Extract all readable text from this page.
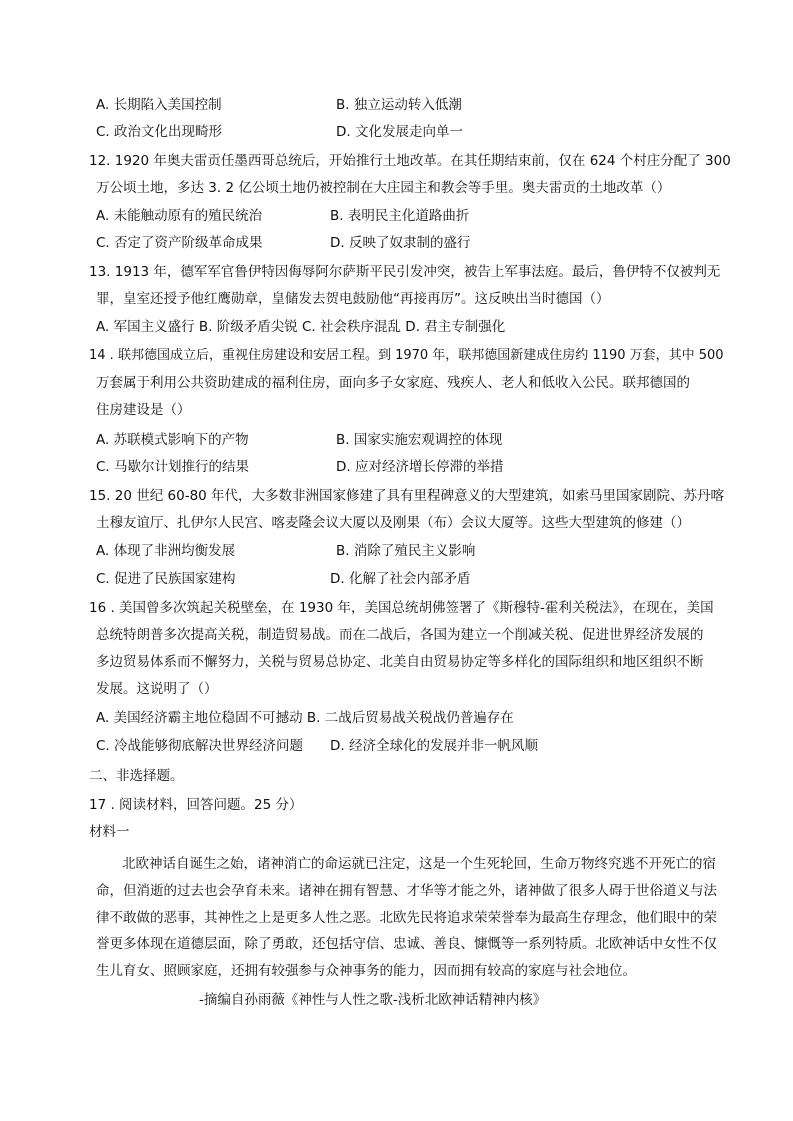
A. 长期陷入美国控制	B. 独立运动转入低潮
C. 政治文化出现畸形	D. 文化发展走向单一
12. 1920 年奥夫雷贡任墨西哥总统后，开始推行土地改革。在其任期结束前，仅在 624 个村庄分配了 300
万公顷土地，多达 3. 2 亿公顷土地仍被控制在大庄园主和教会等手里。奥夫雷贡的土地改革（）
A. 未能触动原有的殖民统治	B. 表明民主化道路曲折
C. 否定了资产阶级革命成果	D. 反映了奴隶制的盛行
13. 1913 年，德军军官鲁伊特因侮辱阿尔萨斯平民引发冲突，被告上军事法庭。最后，鲁伊特不仅被判无
罪，皇室还授予他红鹰勋章，皇储发去贺电鼓励他“再接再厉”。这反映出当时德国（）
A. 军国主义盛行 B. 阶级矛盾尖锐 C. 社会秩序混乱 D. 君主专制强化
14 . 联邦德国成立后，重视住房建设和安居工程。到 1970 年，联邦德国新建成住房约 1190 万套，其中 500
万套属于利用公共资助建成的福利住房，面向多子女家庭、残疾人、老人和低收入公民。联邦德国的
住房建设是（）
A. 苏联模式影响下的产物	B. 国家实施宏观调控的体现
C. 马歇尔计划推行的结果	D. 应对经济增长停滞的举措
15. 20 世纪 60-80 年代，大多数非洲国家修建了具有里程碑意义的大型建筑，如索马里国家剧院、苏丹喀
土穆友谊厅、扎伊尔人民宫、喀麦隆会议大厦以及刚果（布）会议大厦等。这些大型建筑的修建（）
A. 体现了非洲均衡发展	B. 消除了殖民主义影响
C. 促进了民族国家建构	D. 化解了社会内部矛盾
16 . 美国曾多次筑起关税壁垒，在 1930 年，美国总统胡佛签署了《斯穆特-霍利关税法》，在现在，美国
总统特朗普多次提高关税，制造贸易战。而在二战后，各国为建立一个削减关税、促进世界经济发展的
多边贸易体系而不懈努力，关税与贸易总协定、北美自由贸易协定等多样化的国际组织和地区组织不断
发展。这说明了（）
A. 美国经济霸主地位稳固不可撼动 B. 二战后贸易战关税战仍普遍存在
C. 冷战能够彻底解决世界经济问题 D. 经济全球化的发展并非一帆风顺
二、非选择题。
17 . 阅读材料，回答问题。25 分）
材料一
北欧神话自诞生之始，诸神消亡的命运就已注定，这是一个生死轮回，生命万物终究逃不开死亡的宿
命，但消逝的过去也会孕育未来。诸神在拥有智慧、才华等才能之外，诸神做了很多人碍于世俗道义与法
律不敢做的恶事，其神性之上是更多人性之恶。北欧先民将追求荣荣誉奉为最高生存理念，他们眼中的荣
誉更多体现在道德层面，除了勇敢，还包括守信、忠诚、善良、慷慨等一系列特质。北欧神话中女性不仅
生儿育女、照顾家庭，还拥有较强参与众神事务的能力，因而拥有较高的家庭与社会地位。
-摘编自孙雨薇《神性与人性之歌-浅析北欧神话精神内核》
